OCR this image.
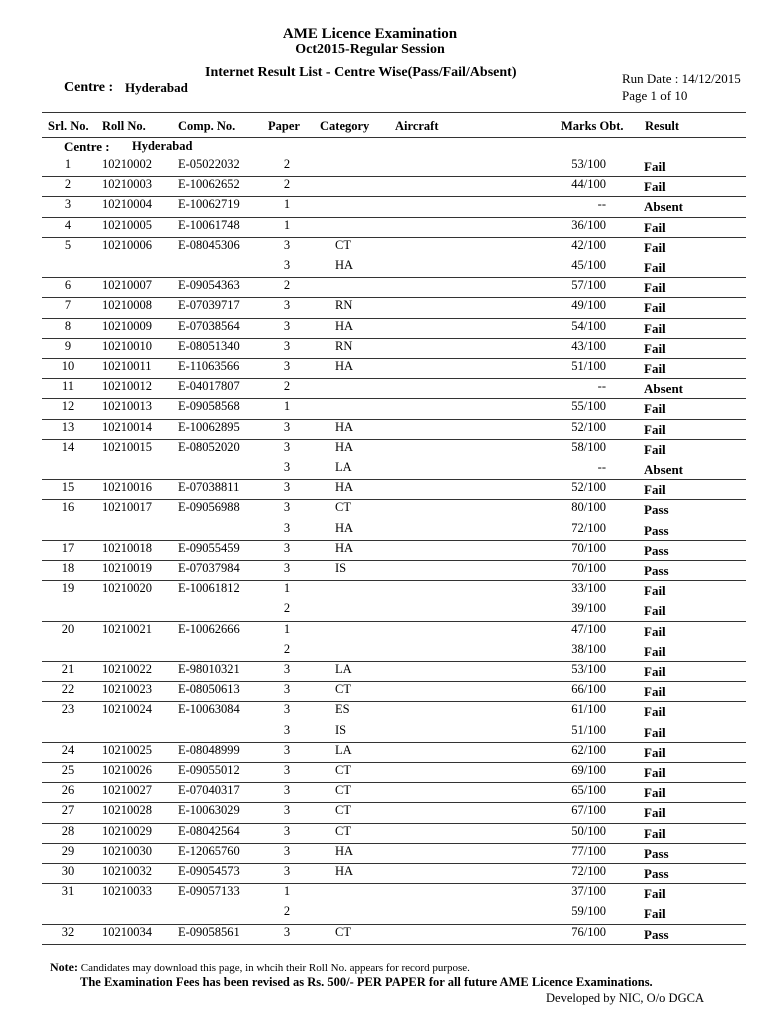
AME Licence Examination
Oct2015-Regular Session
Internet Result List - Centre Wise(Pass/Fail/Absent)
Centre : Hyderabad
Run Date : 14/12/2015
Page 1 of 10
Srl. No. Roll No.	Comp. No.	Paper Category Aircraft	Marks Obt. Result
Centre : Hyderabad
1	10210002 E-05022032	2	53/100	Fail
2	10210003 E-10062652	2	44/100	Fail
3	10210004 E-10062719	1	--	Absent
4	10210005 E-10061748	1	36/100	Fail
5	10210006 E-08045306	3	CT	42/100	Fail
3	HA	45/100	Fail
6	10210007 E-09054363	2	57/100	Fail
7	10210008 E-07039717	3	RN	49/100	Fail
8	10210009 E-07038564	3	HA	54/100	Fail
9	10210010 E-08051340	3	RN	43/100	Fail
10	10210011 E-11063566	3	HA	51/100	Fail
11	10210012 E-04017807	2	--	Absent
12	10210013 E-09058568	1	55/100	Fail
13	10210014 E-10062895	3	HA	52/100	Fail
14	10210015 E-08052020	3	HA	58/100	Fail
3	LA	--	Absent
15	10210016 E-07038811	3	HA	52/100	Fail
16	10210017 E-09056988	3	CT	80/100	Pass
3	HA	72/100	Pass
17	10210018 E-09055459	3	HA	70/100	Pass
18	10210019 E-07037984	3	IS	70/100	Pass
19	10210020 E-10061812	1	33/100	Fail
2	39/100	Fail
20	10210021 E-10062666	1	47/100	Fail
2	38/100	Fail
21	10210022 E-98010321	3	LA	53/100	Fail
22	10210023 E-08050613	3	CT	66/100	Fail
23	10210024 E-10063084	3	ES	61/100	Fail
3	IS	51/100	Fail
24	10210025 E-08048999	3	LA	62/100	Fail
25	10210026 E-09055012	3	CT	69/100	Fail
26	10210027 E-07040317	3	CT	65/100	Fail
27	10210028 E-10063029	3	CT	67/100	Fail
28	10210029 E-08042564	3	CT	50/100	Fail
29	10210030 E-12065760	3	HA	77/100	Pass
30	10210032 E-09054573	3	HA	72/100	Pass
31	10210033 E-09057133	1	37/100	Fail
2	59/100	Fail
32	10210034 E-09058561	3	CT	76/100	Pass
Note: Candidates may download this page, in whcih their Roll No. appears for record purpose.
The Examination Fees has been revised as Rs. 500/- PER PAPER for all future AME Licence Examinations.
Developed by NIC, O/o DGCA
